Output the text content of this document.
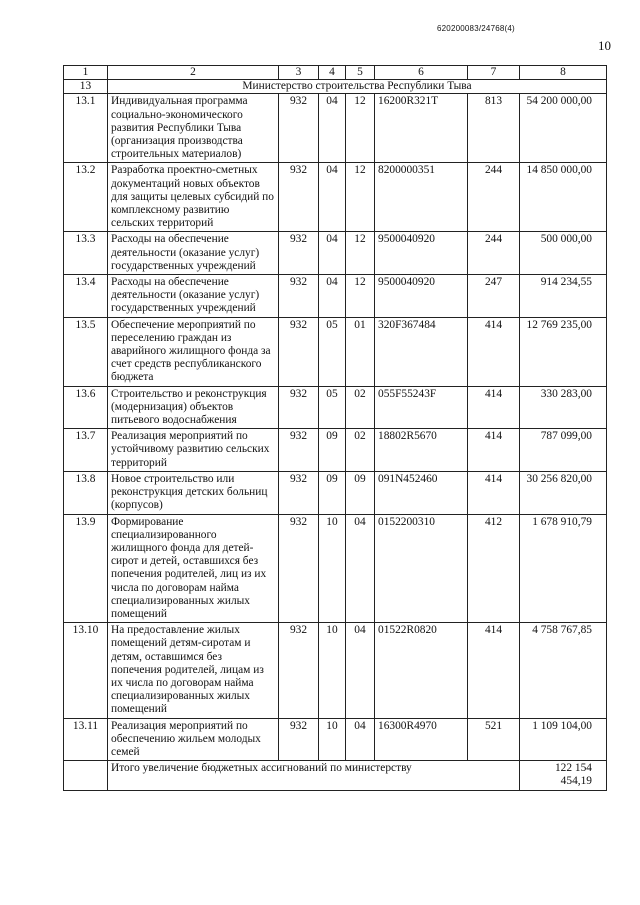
620200083/24768(4)
10
1	2	3	4	5	6	7	8
13	Министерство строительства Республики Тыва						
13.1	Индивидуальная программа социально-экономического развития Республики Тыва (организация производства строительных материалов)	932	04	12	16200R321T	813	54 200 000,00
13.2	Разработка проектно-сметных документаций новых объектов для защиты целевых субсидий по комплексному развитию сельских территорий	932	04	12	8200000351	244	14 850 000,00
13.3	Расходы на обеспечение деятельности (оказание услуг) государственных учреждений	932	04	12	9500040920	244	500 000,00
13.4	Расходы на обеспечение деятельности (оказание услуг) государственных учреждений	932	04	12	9500040920	247	914 234,55
13.5	Обеспечение мероприятий по переселению граждан из аварийного жилищного фонда за счет средств республиканского бюджета	932	05	01	320F367484	414	12 769 235,00
13.6	Строительство и реконструкция (модернизация) объектов питьевого водоснабжения	932	05	02	055F55243F	414	330 283,00
13.7	Реализация мероприятий по устойчивому развитию сельских территорий	932	09	02	18802R5670	414	787 099,00
13.8	Новое строительство или реконструкция детских больниц (корпусов)	932	09	09	091N452460	414	30 256 820,00
13.9	Формирование специализированного жилищного фонда для детей-сирот и детей, оставшихся без попечения родителей, лиц из их числа по договорам найма специализированных жилых помещений	932	10	04	0152200310	412	1 678 910,79
13.10	На предоставление жилых помещений детям-сиротам и детям, оставшимся без попечения родителей, лицам из их числа по договорам найма специализированных жилых помещений	932	10	04	01522R0820	414	4 758 767,85
13.11	Реализация мероприятий по обеспечению жильем молодых семей	932	10	04	16300R4970	521	1 109 104,00
	Итого увеличение бюджетных ассигнований по министерству						122 154 454,19
